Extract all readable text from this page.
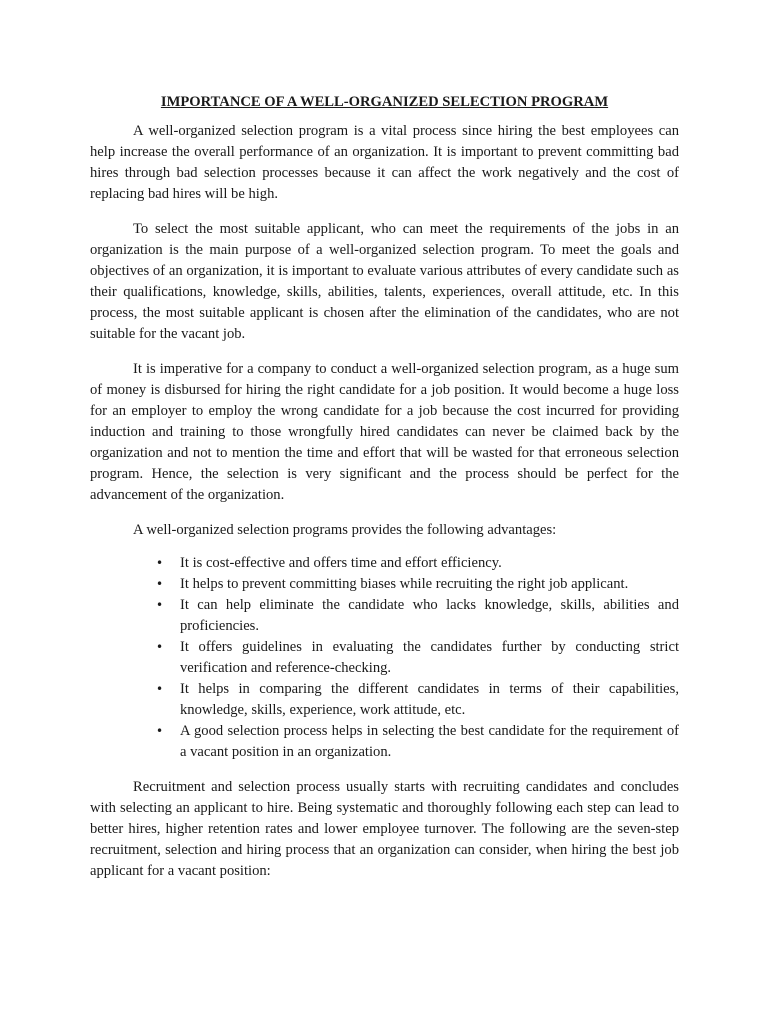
IMPORTANCE OF A WELL-ORGANIZED SELECTION PROGRAM

A well-organized selection program is a vital process since hiring the best employees can help increase the overall performance of an organization. It is important to prevent committing bad hires through bad selection processes because it can affect the work negatively and the cost of replacing bad hires will be high.

To select the most suitable applicant, who can meet the requirements of the jobs in an organization is the main purpose of a well-organized selection program. To meet the goals and objectives of an organization, it is important to evaluate various attributes of every candidate such as their qualifications, knowledge, skills, abilities, talents, experiences, overall attitude, etc. In this process, the most suitable applicant is chosen after the elimination of the candidates, who are not suitable for the vacant job.

It is imperative for a company to conduct a well-organized selection program, as a huge sum of money is disbursed for hiring the right candidate for a job position. It would become a huge loss for an employer to employ the wrong candidate for a job because the cost incurred for providing induction and training to those wrongfully hired candidates can never be claimed back by the organization and not to mention the time and effort that will be wasted for that erroneous selection program. Hence, the selection is very significant and the process should be perfect for the advancement of the organization.

A well-organized selection programs provides the following advantages:

• It is cost-effective and offers time and effort efficiency.
• It helps to prevent committing biases while recruiting the right job applicant.
• It can help eliminate the candidate who lacks knowledge, skills, abilities and proficiencies.
• It offers guidelines in evaluating the candidates further by conducting strict verification and reference-checking.
• It helps in comparing the different candidates in terms of their capabilities, knowledge, skills, experience, work attitude, etc.
• A good selection process helps in selecting the best candidate for the requirement of a vacant position in an organization.

Recruitment and selection process usually starts with recruiting candidates and concludes with selecting an applicant to hire. Being systematic and thoroughly following each step can lead to better hires, higher retention rates and lower employee turnover. The following are the seven-step recruitment, selection and hiring process that an organization can consider, when hiring the best job applicant for a vacant position:
